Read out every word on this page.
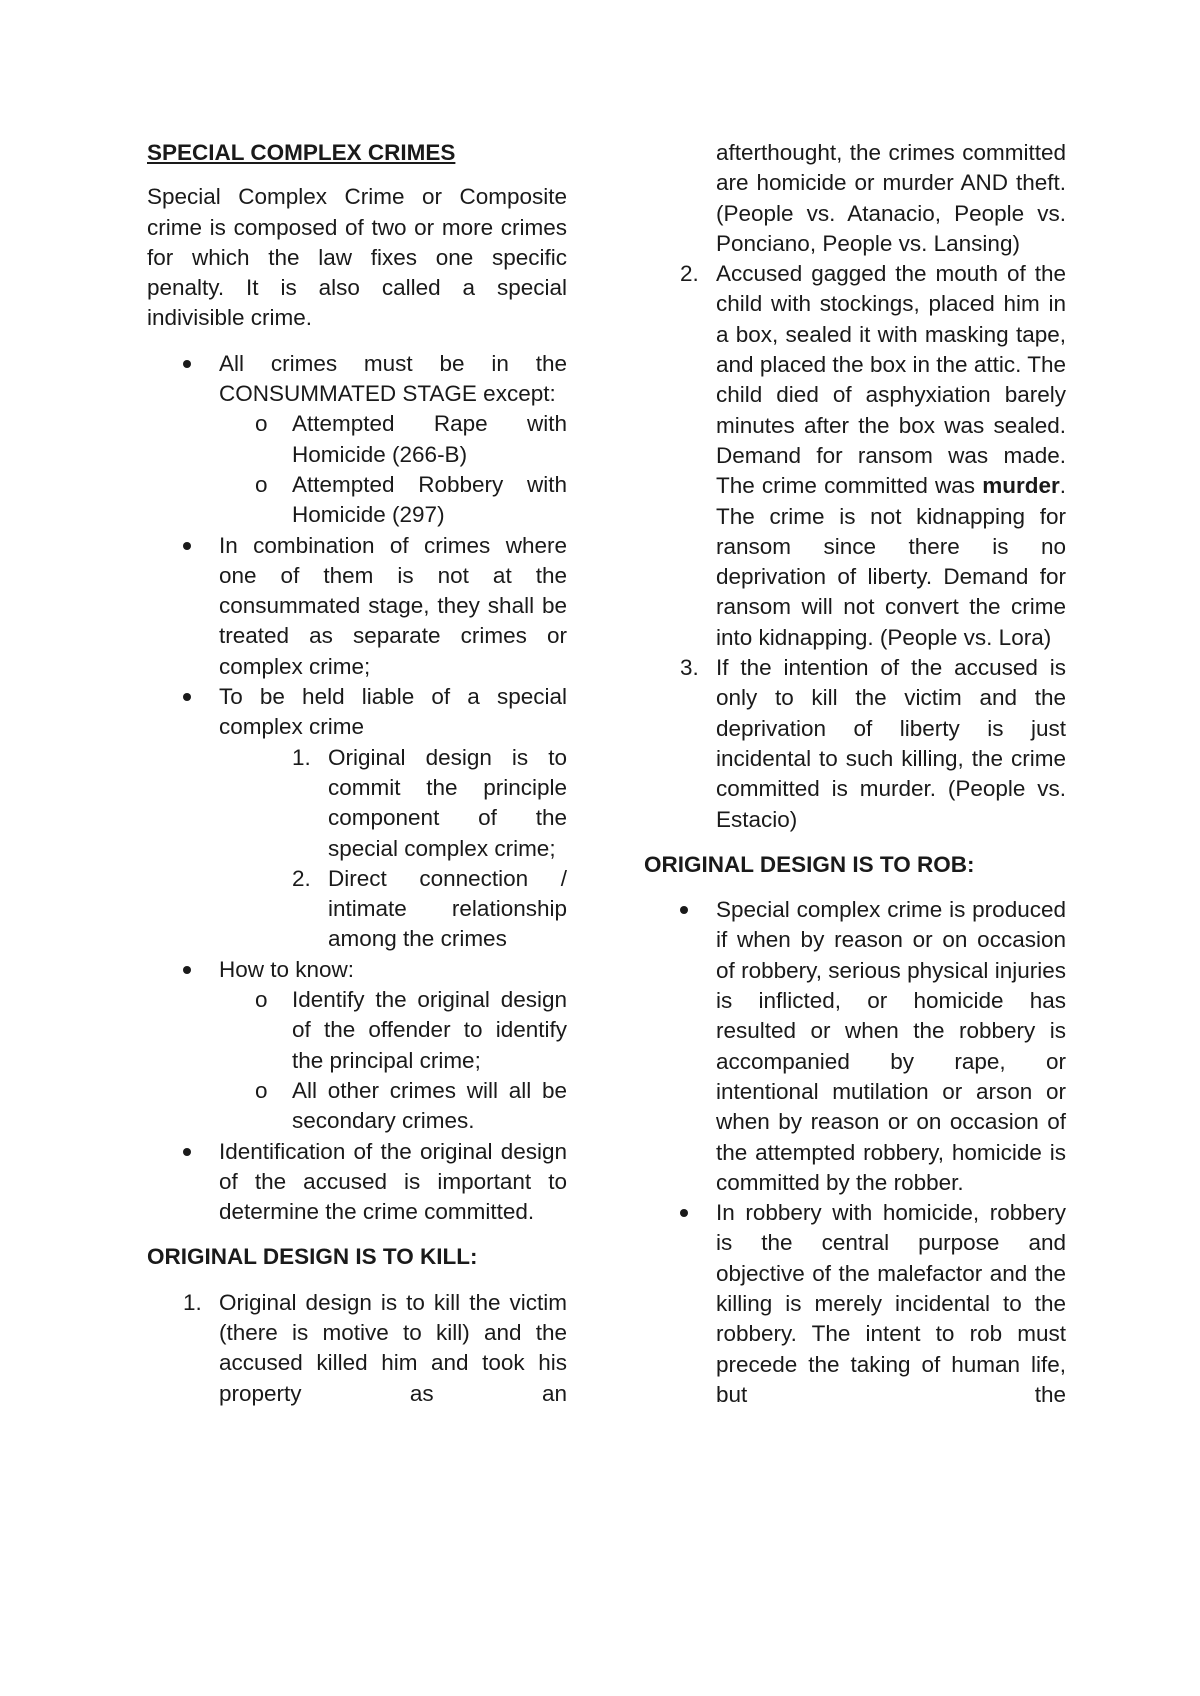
SPECIAL COMPLEX CRIMES

Special Complex Crime or Composite crime is composed of two or more crimes for which the law fixes one specific penalty. It is also called a special indivisible crime.

All crimes must be in the CONSUMMATED STAGE except:
o Attempted Rape with Homicide (266-B)
o Attempted Robbery with Homicide (297)
In combination of crimes where one of them is not at the consummated stage, they shall be treated as separate crimes or complex crime;
To be held liable of a special complex crime
1. Original design is to commit the principle component of the special complex crime;
2. Direct connection / intimate relationship among the crimes
How to know:
o Identify the original design of the offender to identify the principal crime;
o All other crimes will all be secondary crimes.
Identification of the original design of the accused is important to determine the crime committed.

ORIGINAL DESIGN IS TO KILL:

1. Original design is to kill the victim (there is motive to kill) and the accused killed him and took his property as an
afterthought, the crimes committed are homicide or murder AND theft. (People vs. Atanacio, People vs. Ponciano, People vs. Lansing)
2. Accused gagged the mouth of the child with stockings, placed him in a box, sealed it with masking tape, and placed the box in the attic. The child died of asphyxiation barely minutes after the box was sealed. Demand for ransom was made. The crime committed was murder. The crime is not kidnapping for ransom since there is no deprivation of liberty. Demand for ransom will not convert the crime into kidnapping. (People vs. Lora)
3. If the intention of the accused is only to kill the victim and the deprivation of liberty is just incidental to such killing, the crime committed is murder. (People vs. Estacio)

ORIGINAL DESIGN IS TO ROB:

Special complex crime is produced if when by reason or on occasion of robbery, serious physical injuries is inflicted, or homicide has resulted or when the robbery is accompanied by rape, or intentional mutilation or arson or when by reason or on occasion of the attempted robbery, homicide is committed by the robber.
In robbery with homicide, robbery is the central purpose and objective of the malefactor and the killing is merely incidental to the robbery. The intent to rob must precede the taking of human life, but the
